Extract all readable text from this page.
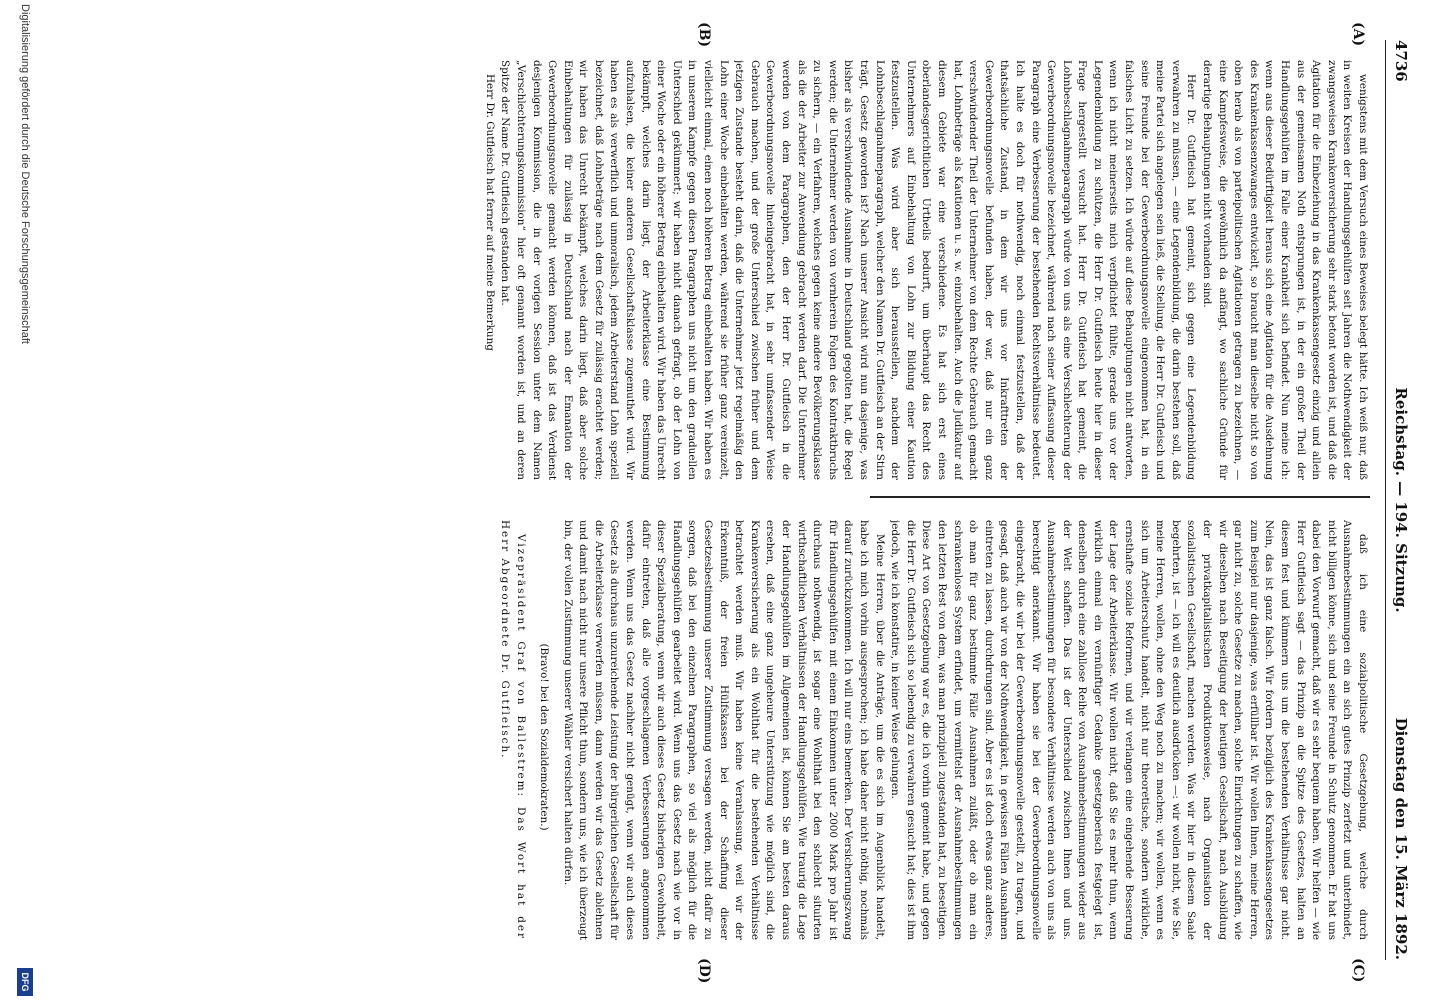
4736
Reichstag. — 194. Sitzung.
Dienstag den 15. März 1892.
(A)
(B)
(C)
(D)

wenigstens mit dem Versuch eines Beweises belegt hätte. Ich weiß nur, daß in weiten Kreisen der Handlungsgehülfen seit Jahren die Nothwendigkeit der zwangsweisen Krankenversicherung sehr stark betont worden ist, und daß die Agitation für die Einbeziehung in das Krankenkassengesetz einzig und allein aus der gemeinsamen Noth entsprungen ist, in der ein großer Theil der Handlungsgehülfen im Falle einer Krankheit sich befindet. Nun meine ich: wenn aus dieser Bedürftigkeit heraus sich eine Agitation für die Ausdehnung des Krankenkassenzwanges entwickelt, so braucht man dieselbe nicht so von oben herab als von parteipolitischen Agitationen getragen zu bezeichnen, — eine Kampfesweise, die gewöhnlich da anfängt, wo sachliche Gründe für derartige Behauptungen nicht vorhanden sind.

Herr Dr. Gutfleisch hat gemeint, sich gegen eine Legendenbildung verwahren zu müssen, — eine Legendenbildung, die darin bestehen soll, daß meine Partei sich angelegen sein ließ, die Stellung, die Herr Dr. Gutfleisch und seine Freunde bei der Gewerbeordnungsnovelle eingenommen hat, in ein falsches Licht zu setzen. Ich würde auf diese Behauptungen nicht antworten, wenn ich nicht meinerseits mich verpflichtet fühlte, gerade uns vor der Legendenbildung zu schützen, die Herr Dr. Gutfleisch heute hier in dieser Frage hergestellt versucht hat. Herr Dr. Gutfleisch hat gemeint, die Lohnbeschlagnahmeparagraph würde von uns als eine Verschlechterung der Gewerbeordnungsnovelle bezeichnet, während nach seiner Auffassung dieser Paragraph eine Verbesserung der bestehenden Rechtsverhältnisse bedeutet. Ich halte es doch für nothwendig, noch einmal festzustellen, daß der thatsächliche Zustand, in dem wir uns vor Inkrafttreten der Gewerbeordnungsnovelle befunden haben, der war, daß nur ein ganz verschwindender Theil der Unternehmer von dem Rechte Gebrauch gemacht hat, Lohnbeträge als Kautionen u. s. w. einzubehalten. Auch die Judikatur auf diesem Gebiete war eine verschiedene. Es hat sich erst eines oberlandesgerichtlichen Urtheils bedurft, um überhaupt das Recht des Unternehmers auf Einbehaltung von Lohn zur Bildung einer Kaution festzustellen. Was wird aber sich herausstellen, nachdem der Lohnbeschlagnahmeparagraph, welcher den Namen Dr. Gutfleisch an der Stirn trägt, Gesetz geworden ist? Nach unserer Ansicht wird nun dasjenige, was bisher als verschwindende Ausnahme in Deutschland gegolten hat, die Regel werden; die Unternehmer werden von vornherein Folgen des Kontraktbruchs zu sichern, — ein Verfahren, welches gegen keine andere Bevölkerungsklasse als die der Arbeiter zur Anwendung gebracht werden darf. Die Unternehmer werden von dem Paragraphen, den der Herr Dr. Gutfleisch in die Gewerbeordnungsnovelle hineingebracht hat, in sehr umfassender Weise Gebrauch machen, und der große Unterschied zwischen früher und dem jetzigen Zustande besteht darin, daß die Unternehmer jetzt regelmäßig den Lohn einer Woche einbehalten werden, während sie früher ganz vereinzelt, vielleicht einmal, einen noch höheren Betrag einbehalten haben. Wir haben es in unserem Kampfe gegen diesen Paragraphen uns nicht um den graduellen Unterschied gekümmert; wir haben nicht danach gefragt, ob der Lohn von einer Woche oder ein höherer Betrag einbehalten wird. Wir haben das Unrecht bekämpft, welches darin liegt, der Arbeiterklasse eine Bestimmung aufzuhalsen, die keiner anderen Gesellschaftsklasse zugemuthet wird. Wir haben es als verwerflich und unmoralisch, jedem Arbeiterstand Lohn speziell bezeichnet, daß Lohnbeträge nach dem Gesetz für zulässig erachtet werden; wir haben das Unrecht bekämpft, welches darin liegt, daß aber solche Einbehaltungen für zulässig in Deutschland nach der Emanation der Gewerbeordnungsnovelle gemacht werden können, daß ist das Verdienst desjenigen Kommission, die in der vorigen Session unter dem Namen „Verschlechterungskommission“ hier oft genannt worden ist, und an deren Spitze der Name Dr. Gutfleisch gestanden hat.

Herr Dr. Gutfleisch hat ferner auf meine Bemerkung

daß ich eine sozialpolitische Gesetzgebung, welche durch Ausnahmebestimmungen ein an sich gutes Prinzip zerfetzt und unterbindet, nicht billigen könne, sich und seine Freunde in Schutz genommen. Er hat uns dabei den Vorwurf gemacht, daß wir es sehr bequem haben. Wir helfen — wie Herr Gutfleisch sagt — das Prinzip an die Spitze des Gesetzes, halten an diesem fest und kümmern uns um die bestehenden Verhältnisse gar nicht. Nein, das ist ganz falsch. Wir fordern bezüglich des Krankenkassengesetzes zum Beispiel nur dasjenige, was erfüllbar ist. Wir wollen Ihnen, meine Herren, gar nicht zu, solche Gesetze zu machen, solche Einrichtungen zu schaffen, wie wir dieselben nach Beseitigung der heutigen Gesellschaft, nach Ausbildung der privatkapitalistischen Produktionsweise, nach Organisation der sozialistischen Gesellschaft, machen werden. Was wir hier in diesem Saale begehrten, ist — ich will es deutlich ausdrücken —: wir wollen nicht, wie Sie, meine Herren, wollen, ohne den Weg noch zu machen; wir wollen, wenn es sich um Arbeiterschutz handelt, nicht nur theoretische, sondern wirkliche, ernsthafte soziale Reformen, und wir verlangen eine eingehende Besserung der Lage der Arbeiterklasse. Wir wollen nicht, daß Sie es mehr thun, wenn wirklich einmal ein vernünftiger Gedanke gesetzgeberisch festgelegt ist, denselben durch eine zahllose Reihe von Ausnahmebestimmungen wieder aus der Welt schaffen. Das ist der Unterschied zwischen Ihnen und uns. Ausnahmebestimmungen für besondere Verhältnisse werden auch von uns als berechtigt anerkannt. Wir haben sie bei der Gewerbeordnungsnovelle eingebracht, die wir bei der Gewerbeordnungsnovelle gestellt, zu tragen, und gesagt, daß auch wir von der Nothwendigkeit, in gewissen Fällen Ausnahmen eintreten zu lassen, durchdrungen sind. Aber es ist doch etwas ganz anderes, ob man für ganz bestimmte Fälle Ausnahmen zuläßt, oder ob man ein schrankenloses System erfindet, um vermittelst der Ausnahmebestimmungen den letzten Rest von dem, was man prinzipiell zugestanden hat, zu beseitigen. Diese Art von Gesetzgebung war es, die ich vorhin gemeint habe, und gegen die Herr Dr. Gutfleisch sich so lebendig zu verwahren gesucht hat; dies ist ihm jedoch, wie ich konstatire, in keiner Weise gelungen.

Meine Herren, über die Anträge, um die es sich im Augenblick handelt, habe ich mich vorhin ausgesprochen; ich habe daher nicht nöthig, nochmals darauf zurückzukommen. Ich will nur eins bemerken. Der Versicherungszwang für Handlungsgehülfen mit einem Einkommen unter 2000 Mark pro Jahr ist durchaus nothwendig, ist sogar eine Wohlthat bei den schlecht situirten wirthschaftlichen Verhältnissen der Handlungsgehülfen. Wie traurig die Lage der Handlungsgehülfen im Allgemeinen ist, können Sie am besten daraus ersehen, daß eine ganz ungeheure Unterstützung wie möglich sind, die Krankenversicherung als ein Wohlthat für die bestehenden Verhältnisse betrachtet werden muß. Wir haben keine Veranlassung, weil wir der Erkenntniß, der freien Hülfskassen bei der Schaffung dieser Gesetzesbestimmung unserer Zustimmung versagen werden, nicht dafür zu sorgen, daß bei den einzelnen Paragraphen, so viel als möglich für die Handlungsgehülfen gearbeitet wird. Wenn uns das Gesetz nach wie vor in dieser Spezialberatung, wenn wir auch dieses Gesetz bisherigen Gewohnheit, dafür eintreten, daß alle vorgeschlagenen Verbesserungen angenommen werden. Wenn uns das Gesetz nachher nicht genügt, wenn wir auch dieses Gesetz als durchaus unzureichende Leistung der bürgerlichen Gesellschaft für die Arbeiterklasse verwerfen müssen, dann werden wir das Gesetz ablehnen und damit nach nicht nur unsere Pflicht thun, sondern uns, wie ich überzeugt bin, der vollen Zustimmung unserer Wähler versichert halten dürfen.

(Bravo! bei den Sozialdemokraten.)

Vizepräsident Graf von Ballestrem: Das Wort hat der Herr Abgeordnete Dr. Gutfleisch.

Digitalisierung gefördert durch die Deutsche Forschungsgemeinschaft
DFG
